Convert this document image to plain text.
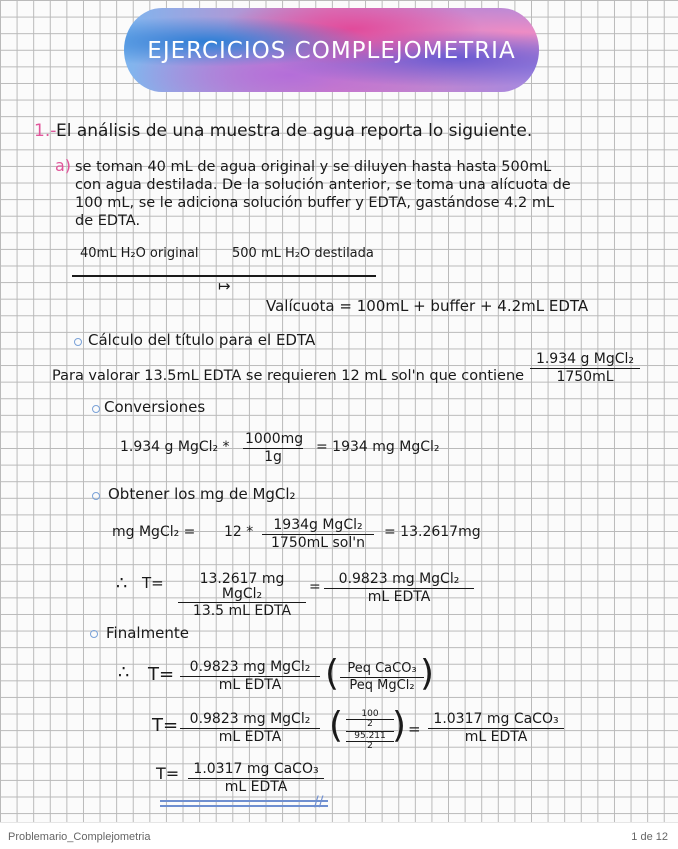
EJERCICIOS COMPLEJOMETRIA
1.- El análisis de una muestra de agua reporta lo siguiente.
a) se toman 40 mL de agua original y se diluyen hasta hasta 500mL
con agua destilada. De la solución anterior, se toma una alícuota de
100 mL, se le adiciona solución buffer y EDTA, gastándose 4.2 mL
de EDTA.
40mL H₂O original	500 mL H₂O destilada
↦
Valícuota = 100mL + buffer + 4.2mL EDTA
Cálculo del título para el EDTA
Para valorar 13.5mL EDTA se requieren 12 mL sol'n que contiene
1.934 g MgCl₂
1750mL
Conversiones
1.934 g MgCl₂ * $\frac{1000mg}{1g} = 1934$ mg MgCl₂
Obtener los mg de MgCl₂
mg MgCl₂ = 12 *	1934g MgCl₂
1750mL sol'n
= 13.2617mg
∴ T=	13.2617 mg MgCl₂
13.5 mL EDTA
=	0.9823 mg MgCl₂
mL EDTA
Finalmente
∴ T=	0.9823 mg MgCl₂
mL EDTA	( Peq CaCO₃
Peq MgCl₂ )
T= 0.9823 mg MgCl₂
mL EDTA	(	100
2
95.211
2
) =
1.0317 mg CaCO₃
mL EDTA
T=	1.0317 mg CaCO₃
mL EDTA
//
Problemario_Complejometria	1 de 12
